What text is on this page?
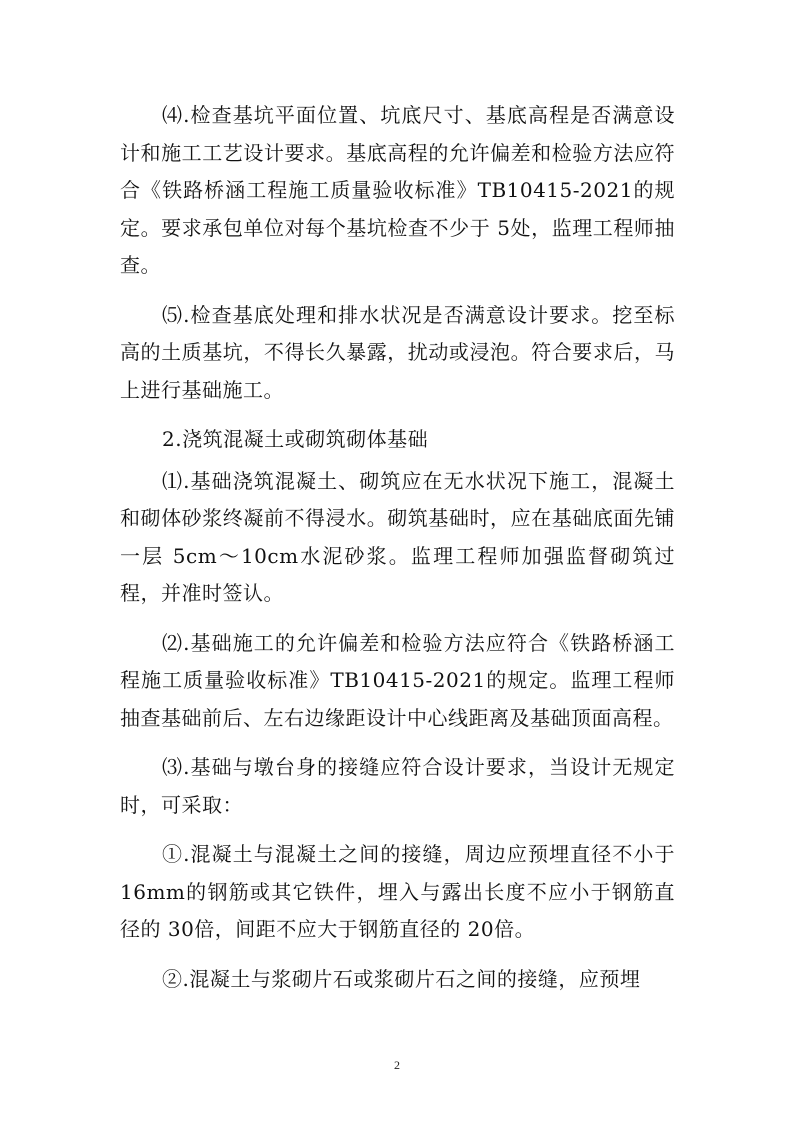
⑷.检查基坑平面位置、坑底尺寸、基底高程是否满意设计和施工工艺设计要求。基底高程的允许偏差和检验方法应符合《铁路桥涵工程施工质量验收标准》TB10415-2021的规定。要求承包单位对每个基坑检查不少于 5处，监理工程师抽查。

⑸.检查基底处理和排水状况是否满意设计要求。挖至标高的土质基坑，不得长久暴露，扰动或浸泡。符合要求后，马上进行基础施工。

2.浇筑混凝土或砌筑砌体基础

⑴.基础浇筑混凝土、砌筑应在无水状况下施工，混凝土和砌体砂浆终凝前不得浸水。砌筑基础时，应在基础底面先铺一层 5cm～10cm水泥砂浆。监理工程师加强监督砌筑过程，并准时签认。

⑵.基础施工的允许偏差和检验方法应符合《铁路桥涵工程施工质量验收标准》TB10415-2021的规定。监理工程师抽查基础前后、左右边缘距设计中心线距离及基础顶面高程。

⑶.基础与墩台身的接缝应符合设计要求，当设计无规定时，可采取：

①.混凝土与混凝土之间的接缝，周边应预埋直径不小于 16mm的钢筋或其它铁件，埋入与露出长度不应小于钢筋直径的 30倍，间距不应大于钢筋直径的 20倍。

②.混凝土与浆砌片石或浆砌片石之间的接缝，应预埋

2
